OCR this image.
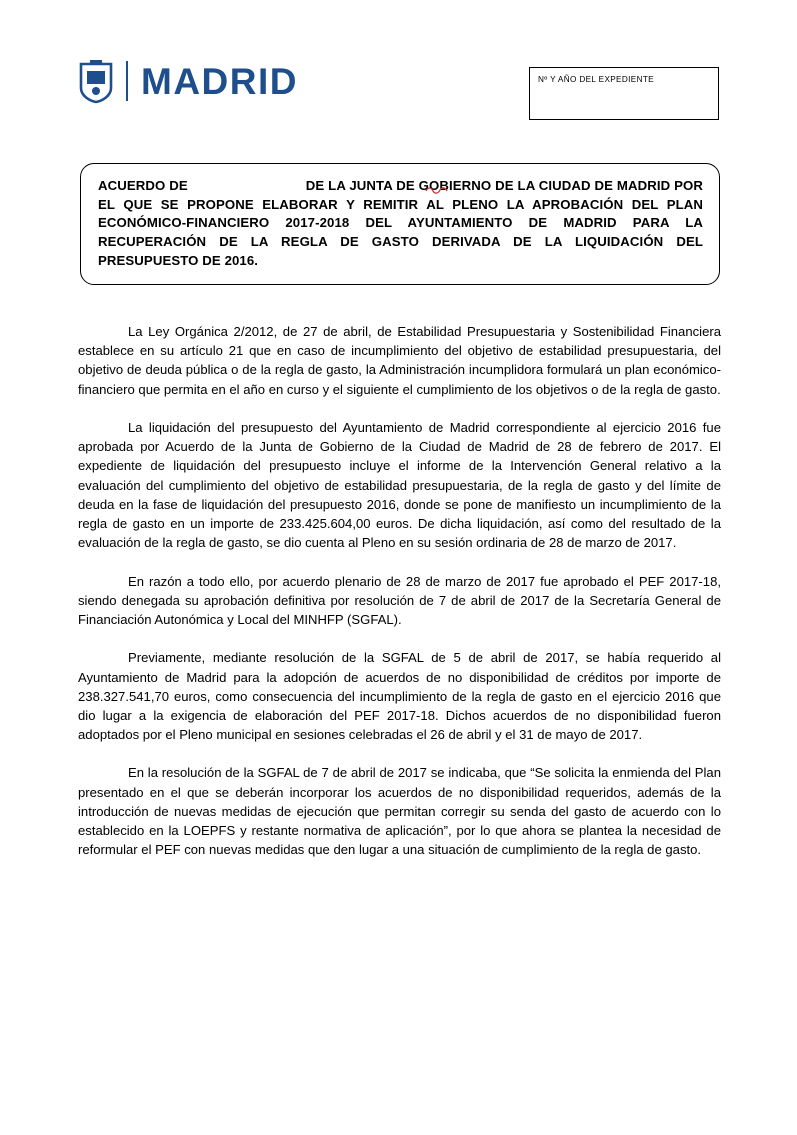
MADRID	Nº Y AÑO DEL EXPEDIENTE
ACUERDO DE	DE LA JUNTA DE GOBIERNO DE LA CIUDAD DE MADRID POR EL QUE SE PROPONE ELABORAR Y REMITIR AL PLENO LA APROBACIÓN DEL PLAN ECONÓMICO-FINANCIERO 2017-2018 DEL AYUNTAMIENTO DE MADRID PARA LA RECUPERACIÓN DE LA REGLA DE GASTO DERIVADA DE LA LIQUIDACIÓN DEL PRESUPUESTO DE 2016.

La Ley Orgánica 2/2012, de 27 de abril, de Estabilidad Presupuestaria y Sostenibilidad Financiera establece en su artículo 21 que en caso de incumplimiento del objetivo de estabilidad presupuestaria, del objetivo de deuda pública o de la regla de gasto, la Administración incumplidora formulará un plan económico-financiero que permita en el año en curso y el siguiente el cumplimiento de los objetivos o de la regla de gasto.

La liquidación del presupuesto del Ayuntamiento de Madrid correspondiente al ejercicio 2016 fue aprobada por Acuerdo de la Junta de Gobierno de la Ciudad de Madrid de 28 de febrero de 2017. El expediente de liquidación del presupuesto incluye el informe de la Intervención General relativo a la evaluación del cumplimiento del objetivo de estabilidad presupuestaria, de la regla de gasto y del límite de deuda en la fase de liquidación del presupuesto 2016, donde se pone de manifiesto un incumplimiento de la regla de gasto en un importe de 233.425.604,00 euros. De dicha liquidación, así como del resultado de la evaluación de la regla de gasto, se dio cuenta al Pleno en su sesión ordinaria de 28 de marzo de 2017.

En razón a todo ello, por acuerdo plenario de 28 de marzo de 2017 fue aprobado el PEF 2017-18, siendo denegada su aprobación definitiva por resolución de 7 de abril de 2017 de la Secretaría General de Financiación Autonómica y Local del MINHFP (SGFAL).

Previamente, mediante resolución de la SGFAL de 5 de abril de 2017, se había requerido al Ayuntamiento de Madrid para la adopción de acuerdos de no disponibilidad de créditos por importe de 238.327.541,70 euros, como consecuencia del incumplimiento de la regla de gasto en el ejercicio 2016 que dio lugar a la exigencia de elaboración del PEF 2017-18. Dichos acuerdos de no disponibilidad fueron adoptados por el Pleno municipal en sesiones celebradas el 26 de abril y el 31 de mayo de 2017.

En la resolución de la SGFAL de 7 de abril de 2017 se indicaba, que “Se solicita la enmienda del Plan presentado en el que se deberán incorporar los acuerdos de no disponibilidad requeridos, además de la introducción de nuevas medidas de ejecución que permitan corregir su senda del gasto de acuerdo con lo establecido en la LOEPFS y restante normativa de aplicación”, por lo que ahora se plantea la necesidad de reformular el PEF con nuevas medidas que den lugar a una situación de cumplimiento de la regla de gasto.
